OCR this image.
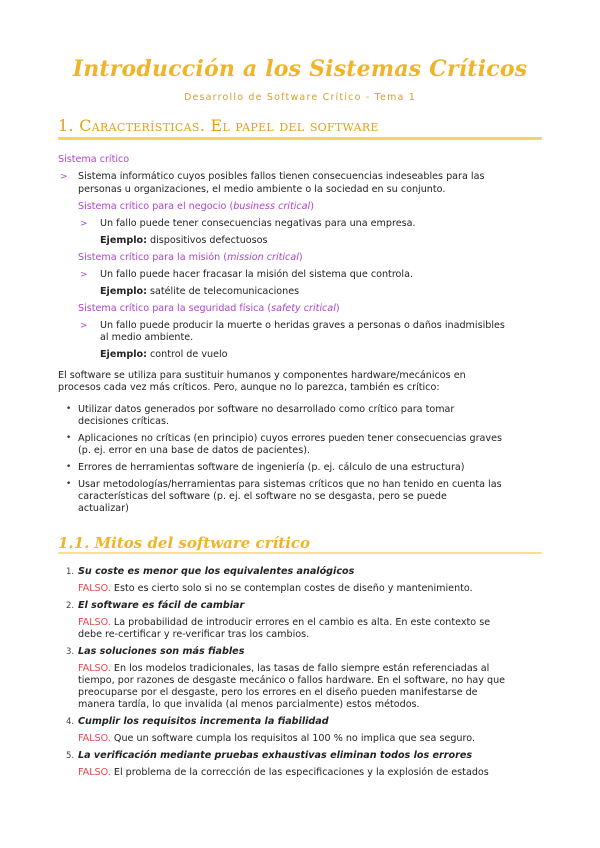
Introducción a los Sistemas Críticos
Desarrollo de Software Crítico - Tema 1
1. Características. El papel del software
Sistema crítico
> Sistema informático cuyos posibles fallos tienen consecuencias indeseables para las
personas u organizaciones, el medio ambiente o la sociedad en su conjunto.
Sistema crítico para el negocio (business critical)
> Un fallo puede tener consecuencias negativas para una empresa.
Ejemplo: dispositivos defectuosos
Sistema crítico para la misión (mission critical)
> Un fallo puede hacer fracasar la misión del sistema que controla.
Ejemplo: satélite de telecomunicaciones
Sistema crítico para la seguridad física (safety critical)
> Un fallo puede producir la muerte o heridas graves a personas o daños inadmisibles
al medio ambiente.
Ejemplo: control de vuelo
El software se utiliza para sustituir humanos y componentes hardware/mecánicos en
procesos cada vez más críticos. Pero, aunque no lo parezca, también es crítico:
• Utilizar datos generados por software no desarrollado como crítico para tomar
decisiones críticas.
• Aplicaciones no críticas (en principio) cuyos errores pueden tener consecuencias graves
(p. ej. error en una base de datos de pacientes).
• Errores de herramientas software de ingeniería (p. ej. cálculo de una estructura)
• Usar metodologías/herramientas para sistemas críticos que no han tenido en cuenta las
características del software (p. ej. el software no se desgasta, pero se puede
actualizar)
1.1. Mitos del software crítico
1. Su coste es menor que los equivalentes analógicos
FALSO. Esto es cierto solo si no se contemplan costes de diseño y mantenimiento.
2. El software es fácil de cambiar
FALSO. La probabilidad de introducir errores en el cambio es alta. En este contexto se
debe re-certificar y re-verificar tras los cambios.
3. Las soluciones son más fiables
FALSO. En los modelos tradicionales, las tasas de fallo siempre están referenciadas al
tiempo, por razones de desgaste mecánico o fallos hardware. En el software, no hay que
preocuparse por el desgaste, pero los errores en el diseño pueden manifestarse de
manera tardía, lo que invalida (al menos parcialmente) estos métodos.
4. Cumplir los requisitos incrementa la fiabilidad
FALSO. Que un software cumpla los requisitos al 100 % no implica que sea seguro.
5. La verificación mediante pruebas exhaustivas eliminan todos los errores
FALSO. El problema de la corrección de las especificaciones y la explosión de estados
